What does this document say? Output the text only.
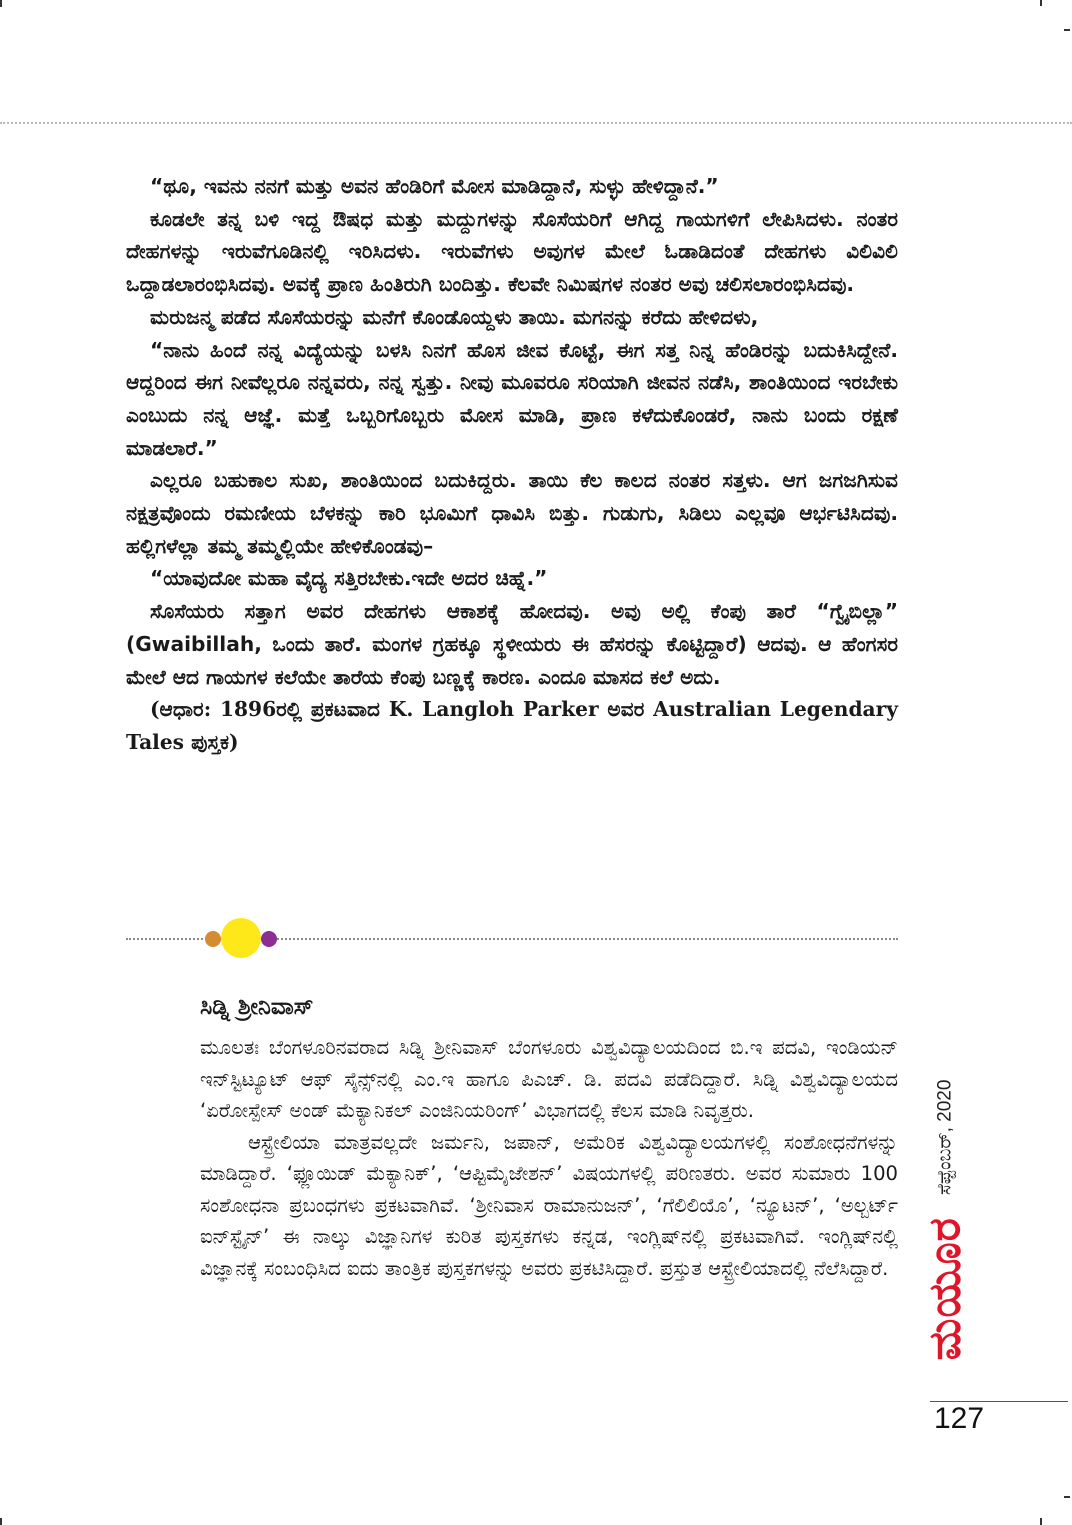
“ಥೂ, ಇವನು ನನಗೆ ಮತ್ತು ಅವನ ಹೆಂಡಿರಿಗೆ ಮೋಸ ಮಾಡಿದ್ದಾನೆ, ಸುಳ್ಳು ಹೇಳಿದ್ದಾನೆ.”

ಕೂಡಲೇ ತನ್ನ ಬಳಿ ಇದ್ದ ಔಷಧ ಮತ್ತು ಮದ್ದುಗಳನ್ನು ಸೊಸೆಯರಿಗೆ ಆಗಿದ್ದ ಗಾಯಗಳಿಗೆ ಲೇಪಿಸಿದಳು. ನಂತರ ದೇಹಗಳನ್ನು ಇರುವೆಗೂಡಿನಲ್ಲಿ ಇರಿಸಿದಳು. ಇರುವೆಗಳು ಅವುಗಳ ಮೇಲೆ ಓಡಾಡಿದಂತೆ ದೇಹಗಳು ವಿಲಿವಿಲಿ ಒದ್ದಾಡಲಾರಂಭಿಸಿದವು. ಅವಕ್ಕೆ ಪ್ರಾಣ ಹಿಂತಿರುಗಿ ಬಂದಿತ್ತು. ಕೆಲವೇ ನಿಮಿಷಗಳ ನಂತರ ಅವು ಚಲಿಸಲಾರಂಭಿಸಿದವು.

ಮರುಜನ್ಮ ಪಡೆದ ಸೊಸೆಯರನ್ನು ಮನೆಗೆ ಕೊಂಡೊಯ್ದಳು ತಾಯಿ. ಮಗನನ್ನು ಕರೆದು ಹೇಳಿದಳು,

“ನಾನು ಹಿಂದೆ ನನ್ನ ವಿದ್ಯೆಯನ್ನು ಬಳಸಿ ನಿನಗೆ ಹೊಸ ಜೀವ ಕೊಟ್ಟೆ, ಈಗ ಸತ್ತ ನಿನ್ನ ಹೆಂಡಿರನ್ನು ಬದುಕಿಸಿದ್ದೇನೆ. ಆದ್ದರಿಂದ ಈಗ ನೀವೆಲ್ಲರೂ ನನ್ನವರು, ನನ್ನ ಸ್ವತ್ತು. ನೀವು ಮೂವರೂ ಸರಿಯಾಗಿ ಜೀವನ ನಡೆಸಿ, ಶಾಂತಿಯಿಂದ ಇರಬೇಕು ಎಂಬುದು ನನ್ನ ಆಜ್ಞೆ. ಮತ್ತೆ ಒಬ್ಬರಿಗೊಬ್ಬರು ಮೋಸ ಮಾಡಿ, ಪ್ರಾಣ ಕಳೆದುಕೊಂಡರೆ, ನಾನು ಬಂದು ರಕ್ಷಣೆ ಮಾಡಲಾರೆ.”

ಎಲ್ಲರೂ ಬಹುಕಾಲ ಸುಖ, ಶಾಂತಿಯಿಂದ ಬದುಕಿದ್ದರು. ತಾಯಿ ಕೆಲ ಕಾಲದ ನಂತರ ಸತ್ತಳು. ಆಗ ಜಗಜಗಿಸುವ ನಕ್ಷತ್ರವೊಂದು ರಮಣೀಯ ಬೆಳಕನ್ನು ಕಾರಿ ಭೂಮಿಗೆ ಧಾವಿಸಿ ಬಿತ್ತು. ಗುಡುಗು, ಸಿಡಿಲು ಎಲ್ಲವೂ ಆರ್ಭಟಿಸಿದವು. ಹಲ್ಲಿಗಳೆಲ್ಲಾ ತಮ್ಮ ತಮ್ಮಲ್ಲಿಯೇ ಹೇಳಿಕೊಂಡವು–

“ಯಾವುದೋ ಮಹಾ ವೈದ್ಯ ಸತ್ತಿರಬೇಕು.ಇದೇ ಅದರ ಚಿಹ್ನೆ.”

ಸೊಸೆಯರು ಸತ್ತಾಗ ಅವರ ದೇಹಗಳು ಆಕಾಶಕ್ಕೆ ಹೋದವು. ಅವು ಅಲ್ಲಿ ಕೆಂಪು ತಾರೆ “ಗ್ವೈಬಿಲ್ಲಾ” (Gwaibillah, ಒಂದು ತಾರೆ. ಮಂಗಳ ಗ್ರಹಕ್ಕೂ ಸ್ಥಳೀಯರು ಈ ಹೆಸರನ್ನು ಕೊಟ್ಟಿದ್ದಾರೆ) ಆದವು. ಆ ಹೆಂಗಸರ ಮೇಲೆ ಆದ ಗಾಯಗಳ ಕಲೆಯೇ ತಾರೆಯ ಕೆಂಪು ಬಣ್ಣಕ್ಕೆ ಕಾರಣ. ಎಂದೂ ಮಾಸದ ಕಲೆ ಅದು.

(ಆಧಾರ: 1896ರಲ್ಲಿ ಪ್ರಕಟವಾದ K. Langloh Parker ಅವರ Australian Legendary Tales ಪುಸ್ತಕ)

ಸಿಡ್ನಿ ಶ್ರೀನಿವಾಸ್

ಮೂಲತಃ ಬೆಂಗಳೂರಿನವರಾದ ಸಿಡ್ನಿ ಶ್ರೀನಿವಾಸ್ ಬೆಂಗಳೂರು ವಿಶ್ವವಿದ್ಯಾಲಯದಿಂದ ಬಿ.ಇ ಪದವಿ, ಇಂಡಿಯನ್ ಇನ್‌ಸ್ಟಿಟ್ಯೂಟ್ ಆಫ್ ಸೈನ್ಸ್‌ನಲ್ಲಿ ಎಂ.ಇ ಹಾಗೂ ಪಿಎಚ್. ಡಿ. ಪದವಿ ಪಡೆದಿದ್ದಾರೆ. ಸಿಡ್ನಿ ವಿಶ್ವವಿದ್ಯಾಲಯದ ‘ಏರೋಸ್ಪೇಸ್ ಅಂಡ್ ಮೆಕ್ಯಾನಿಕಲ್ ಎಂಜಿನಿಯರಿಂಗ್’ ವಿಭಾಗದಲ್ಲಿ ಕೆಲಸ ಮಾಡಿ ನಿವೃತ್ತರು.

ಆಸ್ಟ್ರೇಲಿಯಾ ಮಾತ್ರವಲ್ಲದೇ ಜರ್ಮನಿ, ಜಪಾನ್, ಅಮೆರಿಕ ವಿಶ್ವವಿದ್ಯಾಲಯಗಳಲ್ಲಿ ಸಂಶೋಧನೆಗಳನ್ನು ಮಾಡಿದ್ದಾರೆ. ‘ಫ್ಲೂಯಿಡ್ ಮೆಕ್ಯಾನಿಕ್’, ‘ಆಪ್ಟಿಮೈಜೇಶನ್’ ವಿಷಯಗಳಲ್ಲಿ ಪರಿಣತರು. ಅವರ ಸುಮಾರು 100 ಸಂಶೋಧನಾ ಪ್ರಬಂಧಗಳು ಪ್ರಕಟವಾಗಿವೆ. ‘ಶ್ರೀನಿವಾಸ ರಾಮಾನುಜನ್’, ‘ಗೆಲಿಲಿಯೊ’, ‘ನ್ಯೂಟನ್’, ‘ಅಲ್ಬರ್ಟ್ ಐನ್‌ಸ್ಟೈನ್’ ಈ ನಾಲ್ಕು ವಿಜ್ಞಾನಿಗಳ ಕುರಿತ ಪುಸ್ತಕಗಳು ಕನ್ನಡ, ಇಂಗ್ಲಿಷ್‌ನಲ್ಲಿ ಪ್ರಕಟವಾಗಿವೆ. ಇಂಗ್ಲಿಷ್‌ನಲ್ಲಿ ವಿಜ್ಞಾನಕ್ಕೆ ಸಂಬಂಧಿಸಿದ ಐದು ತಾಂತ್ರಿಕ ಪುಸ್ತಕಗಳನ್ನು ಅವರು ಪ್ರಕಟಿಸಿದ್ದಾರೆ. ಪ್ರಸ್ತುತ ಆಸ್ಟ್ರೇಲಿಯಾದಲ್ಲಿ ನೆಲೆಸಿದ್ದಾರೆ. ಮಯೂರ
ಸೆಪ್ಟೆಂಬರ್, 2020
127
